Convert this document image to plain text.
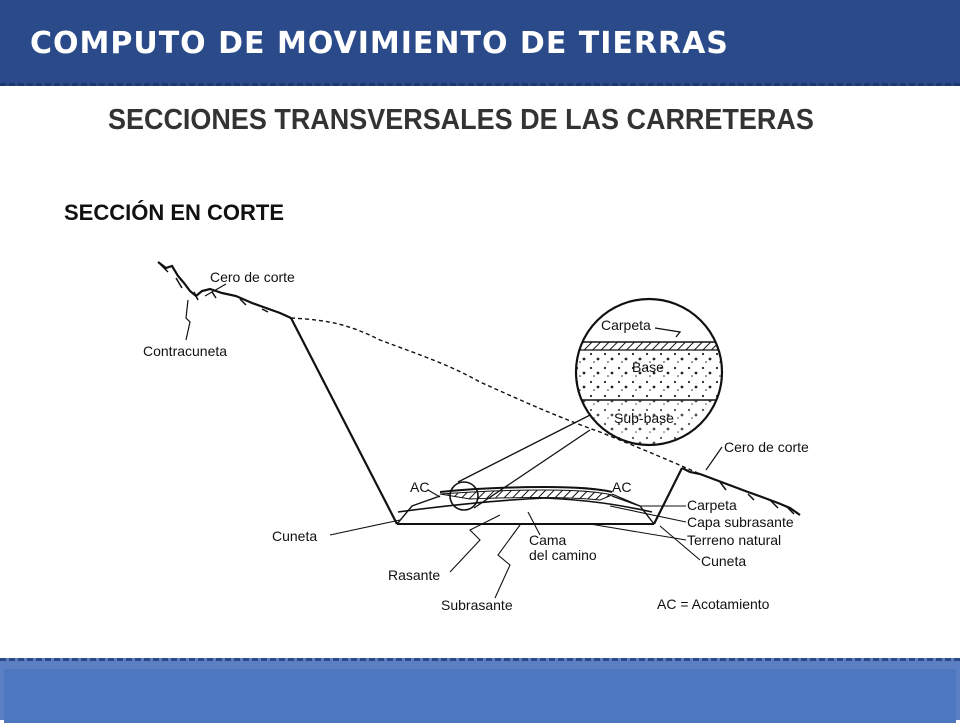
COMPUTO DE MOVIMIENTO DE TIERRAS
SECCIONES TRANSVERSALES DE LAS CARRETERAS
SECCIÓN EN CORTE
Cero de corte
Contracuneta
Carpeta
Base
Sub-base
Cero de corte
AC	AC
Carpeta
Capa subrasante
Terreno natural
Cuneta
Cuneta	Cama
del camino
Rasante
Subrasante	AC = Acotamiento
